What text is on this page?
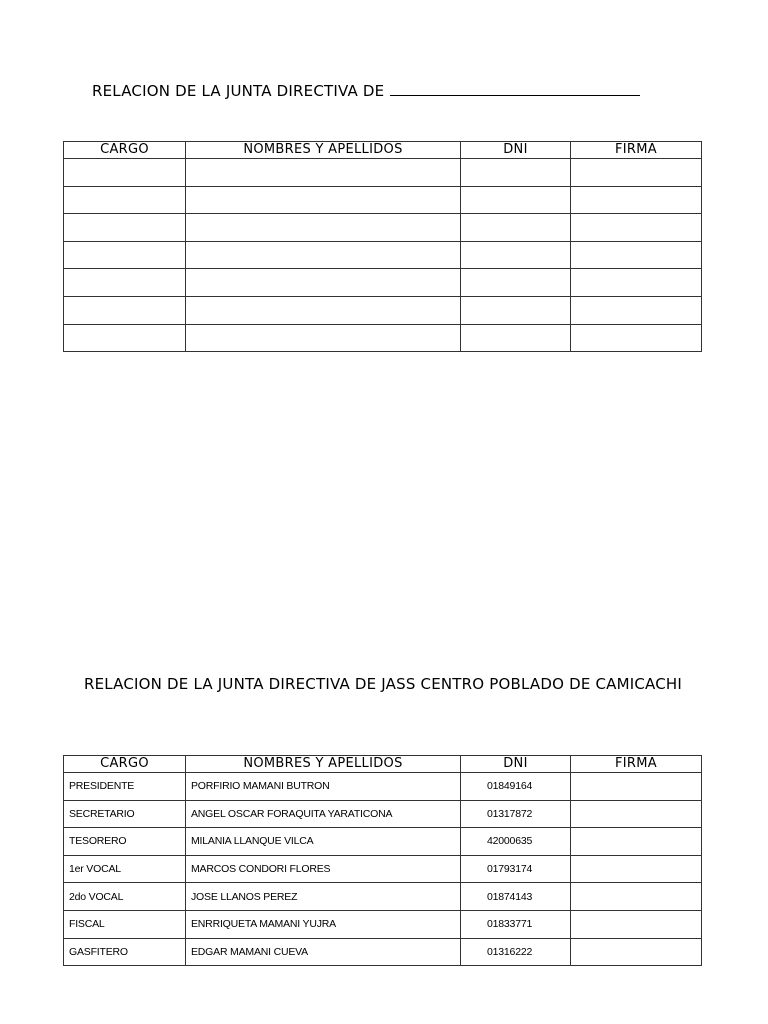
RELACION DE LA JUNTA DIRECTIVA DE
CARGO	NOMBRES Y APELLIDOS	DNI	FIRMA

RELACION DE LA JUNTA DIRECTIVA DE JASS CENTRO POBLADO DE CAMICACHI
CARGO	NOMBRES Y APELLIDOS	DNI	FIRMA
PRESIDENTE	PORFIRIO MAMANI BUTRON	01849164	
SECRETARIO	ANGEL OSCAR FORAQUITA YARATICONA	01317872	
TESORERO	MILANIA LLANQUE VILCA	42000635	
1er VOCAL	MARCOS CONDORI FLORES	01793174	
2do VOCAL	JOSE LLANOS PEREZ	01874143	
FISCAL	ENRRIQUETA MAMANI YUJRA	01833771	
GASFITERO	EDGAR MAMANI CUEVA	01316222	
